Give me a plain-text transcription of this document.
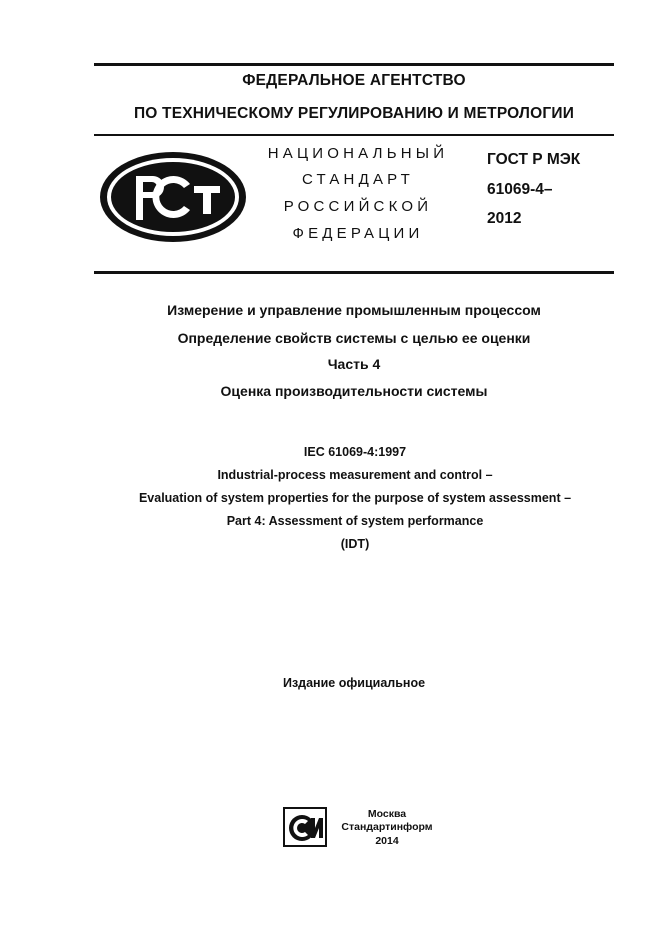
ФЕДЕРАЛЬНОЕ АГЕНТСТВО
ПО ТЕХНИЧЕСКОМУ РЕГУЛИРОВАНИЮ И МЕТРОЛОГИИ
НАЦИОНАЛЬНЫЙ
СТАНДАРТ
РОССИЙСКОЙ
ФЕДЕРАЦИИ
ГОСТ Р МЭК
61069-4–
2012
Измерение и управление промышленным процессом
Определение свойств системы с целью ее оценки
Часть 4
Оценка производительности системы
IEC 61069-4:1997
Industrial-process measurement and control –
Evaluation of system properties for the purpose of system assessment –
Part 4: Assessment of system performance
(IDT)
Издание официальное
Москва
Стандартинформ
2014
